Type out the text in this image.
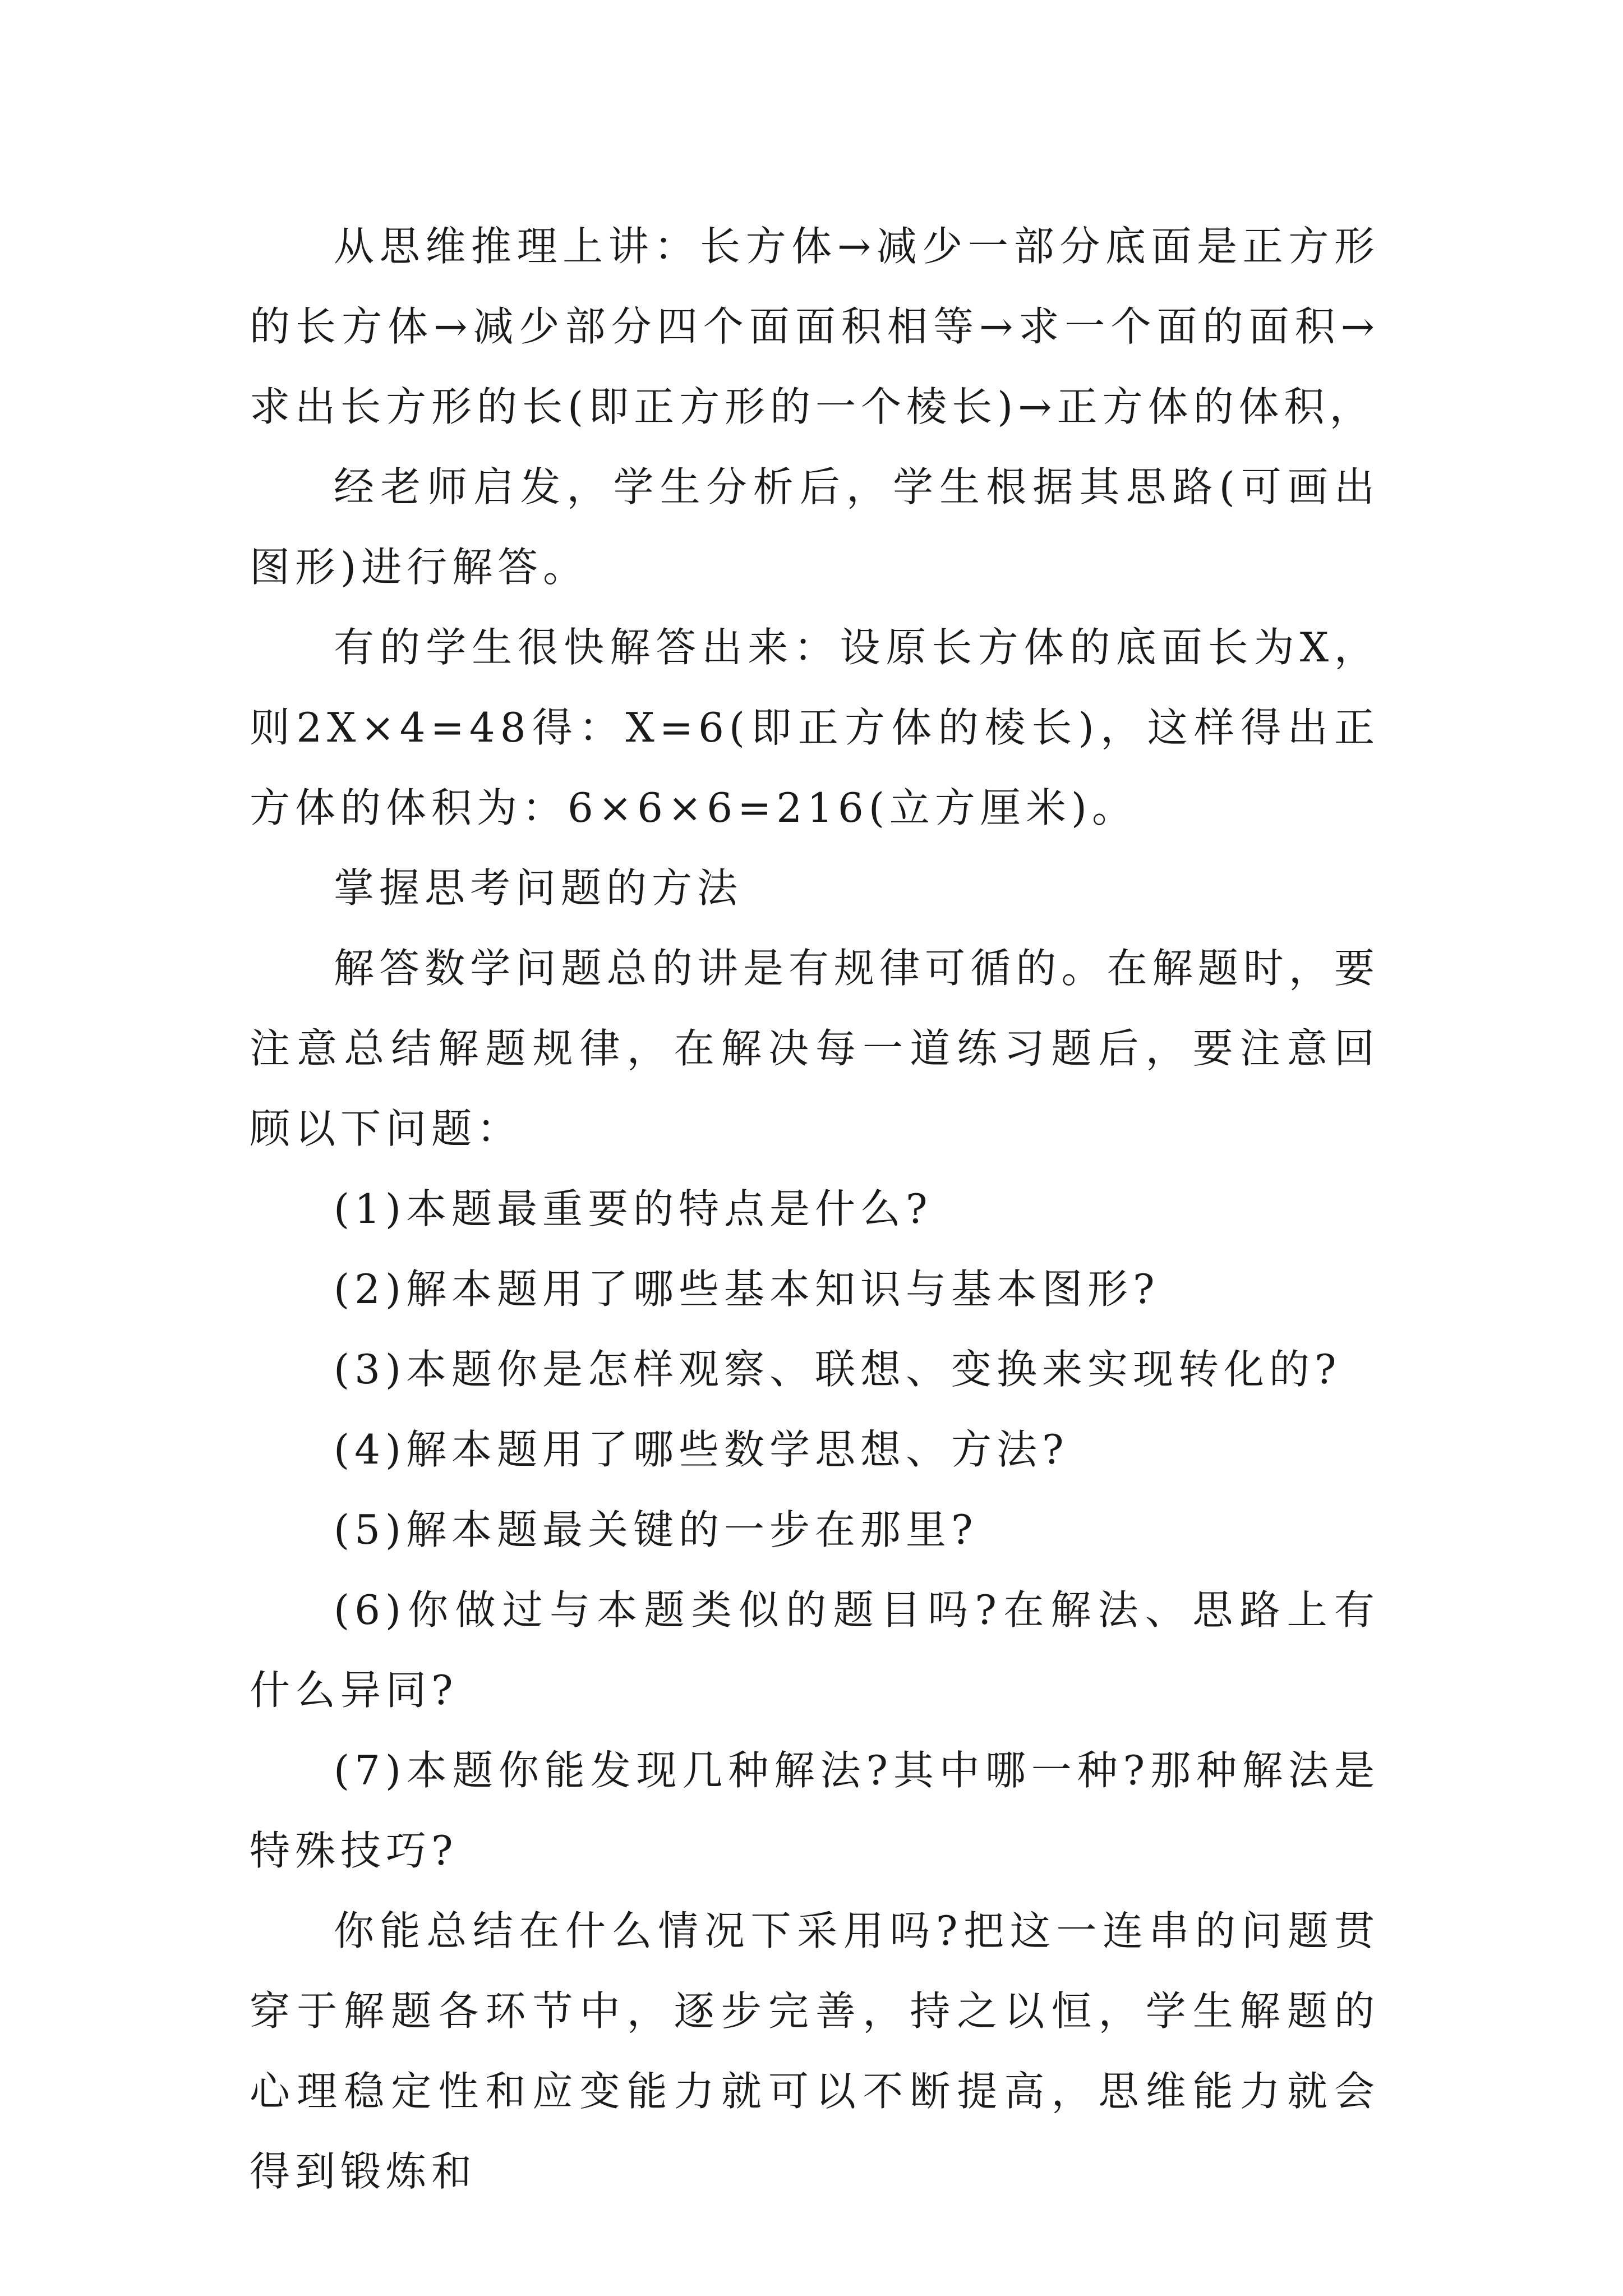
从思维推理上讲：长方体→减少一部分底面是正方形的长方体→减少部分四个面面积相等→求一个面的面积→求出长方形的长(即正方形的一个棱长)→正方体的体积，

经老师启发，学生分析后，学生根据其思路(可画出图形)进行解答。

有的学生很快解答出来：设原长方体的底面长为X，则2X×4=48得：X=6(即正方体的棱长)，这样得出正方体的体积为：6×6×6=216(立方厘米)。

掌握思考问题的方法

解答数学问题总的讲是有规律可循的。在解题时，要注意总结解题规律，在解决每一道练习题后，要注意回顾以下问题：

(1)本题最重要的特点是什么?

(2)解本题用了哪些基本知识与基本图形?

(3)本题你是怎样观察、联想、变换来实现转化的?

(4)解本题用了哪些数学思想、方法?

(5)解本题最关键的一步在那里?

(6)你做过与本题类似的题目吗?在解法、思路上有什么异同?

(7)本题你能发现几种解法?其中哪一种?那种解法是特殊技巧?

你能总结在什么情况下采用吗?把这一连串的问题贯穿于解题各环节中，逐步完善，持之以恒，学生解题的心理稳定性和应变能力就可以不断提高，思维能力就会得到锻炼和
